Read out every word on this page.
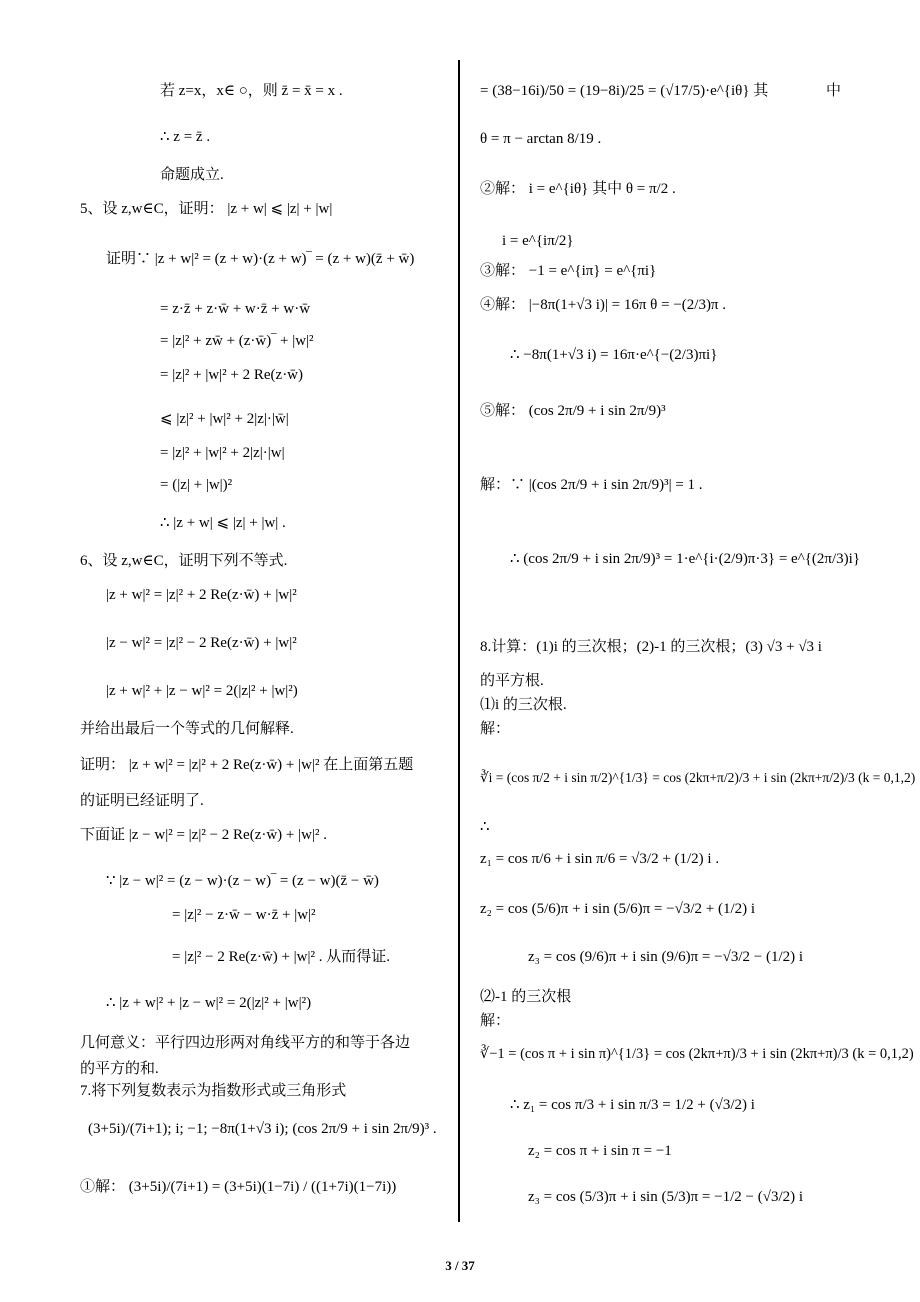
若 z=x，x∈ ○，则 z̄ = x̄ = x .
∴ z = z̄ .
命题成立.
5、设 z,w∈C，证明： |z + w| ⩽ |z| + |w|
证明∵ |z + w|² = (z + w)·(z + w)‾ = (z + w)(z̄ + w̄)
= z·z̄ + z·w̄ + w·z̄ + w·w̄
= |z|² + zw̄ + (z·w̄)‾ + |w|²
= |z|² + |w|² + 2 Re(z·w̄)
⩽ |z|² + |w|² + 2|z|·|w̄|
= |z|² + |w|² + 2|z|·|w|
= (|z| + |w|)²
∴ |z + w| ⩽ |z| + |w| .
6、设 z,w∈C，证明下列不等式.
|z + w|² = |z|² + 2 Re(z·w̄) + |w|²
|z − w|² = |z|² − 2 Re(z·w̄) + |w|²
|z + w|² + |z − w|² = 2(|z|² + |w|²)
并给出最后一个等式的几何解释.
证明： |z + w|² = |z|² + 2 Re(z·w̄) + |w|² 在上面第五题
的证明已经证明了.
下面证 |z − w|² = |z|² − 2 Re(z·w̄) + |w|² .
∵ |z − w|² = (z − w)·(z − w)‾ = (z − w)(z̄ − w̄)
= |z|² − z·w̄ − w·z̄ + |w|²
= |z|² − 2 Re(z·w̄) + |w|² . 从而得证.
∴ |z + w|² + |z − w|² = 2(|z|² + |w|²)
几何意义：平行四边形两对角线平方的和等于各边
的平方的和.
7.将下列复数表示为指数形式或三角形式
(3+5i)/(7i+1); i; −1; −8π(1+√3 i); (cos 2π/9 + i sin 2π/9)³ .
①解： (3+5i)/(7i+1) = (3+5i)(1−7i) / ((1+7i)(1−7i))
= (38−16i)/50 = (19−8i)/25 = (√17/5)·e^{iθ} 其	中
θ = π − arctan 8/19 .
②解： i = e^{iθ} 其中 θ = π/2 .
i = e^{iπ/2}
③解： −1 = e^{iπ} = e^{πi}
④解： |−8π(1+√3 i)| = 16π θ = −(2/3)π .
∴ −8π(1+√3 i) = 16π·e^{−(2/3)πi}
⑤解： (cos 2π/9 + i sin 2π/9)³
解：∵ |(cos 2π/9 + i sin 2π/9)³| = 1 .
∴ (cos 2π/9 + i sin 2π/9)³ = 1·e^{i·(2/9)π·3} = e^{(2π/3)i}
8.计算：(1)i 的三次根；(2)-1 的三次根；(3) √3 + √3 i
的平方根.
⑴i 的三次根.
解：
∛i = (cos π/2 + i sin π/2)^{1/3} = cos (2kπ+π/2)/3 + i sin (2kπ+π/2)/3 (k = 0,1,2)
∴
z₁ = cos π/6 + i sin π/6 = √3/2 + (1/2) i .
z₂ = cos (5/6)π + i sin (5/6)π = −√3/2 + (1/2) i
z₃ = cos (9/6)π + i sin (9/6)π = −√3/2 − (1/2) i
⑵-1 的三次根
解：
∛−1 = (cos π + i sin π)^{1/3} = cos (2kπ+π)/3 + i sin (2kπ+π)/3 (k = 0,1,2)
∴ z₁ = cos π/3 + i sin π/3 = 1/2 + (√3/2) i
z₂ = cos π + i sin π = −1
z₃ = cos (5/3)π + i sin (5/3)π = −1/2 − (√3/2) i
3 / 37
